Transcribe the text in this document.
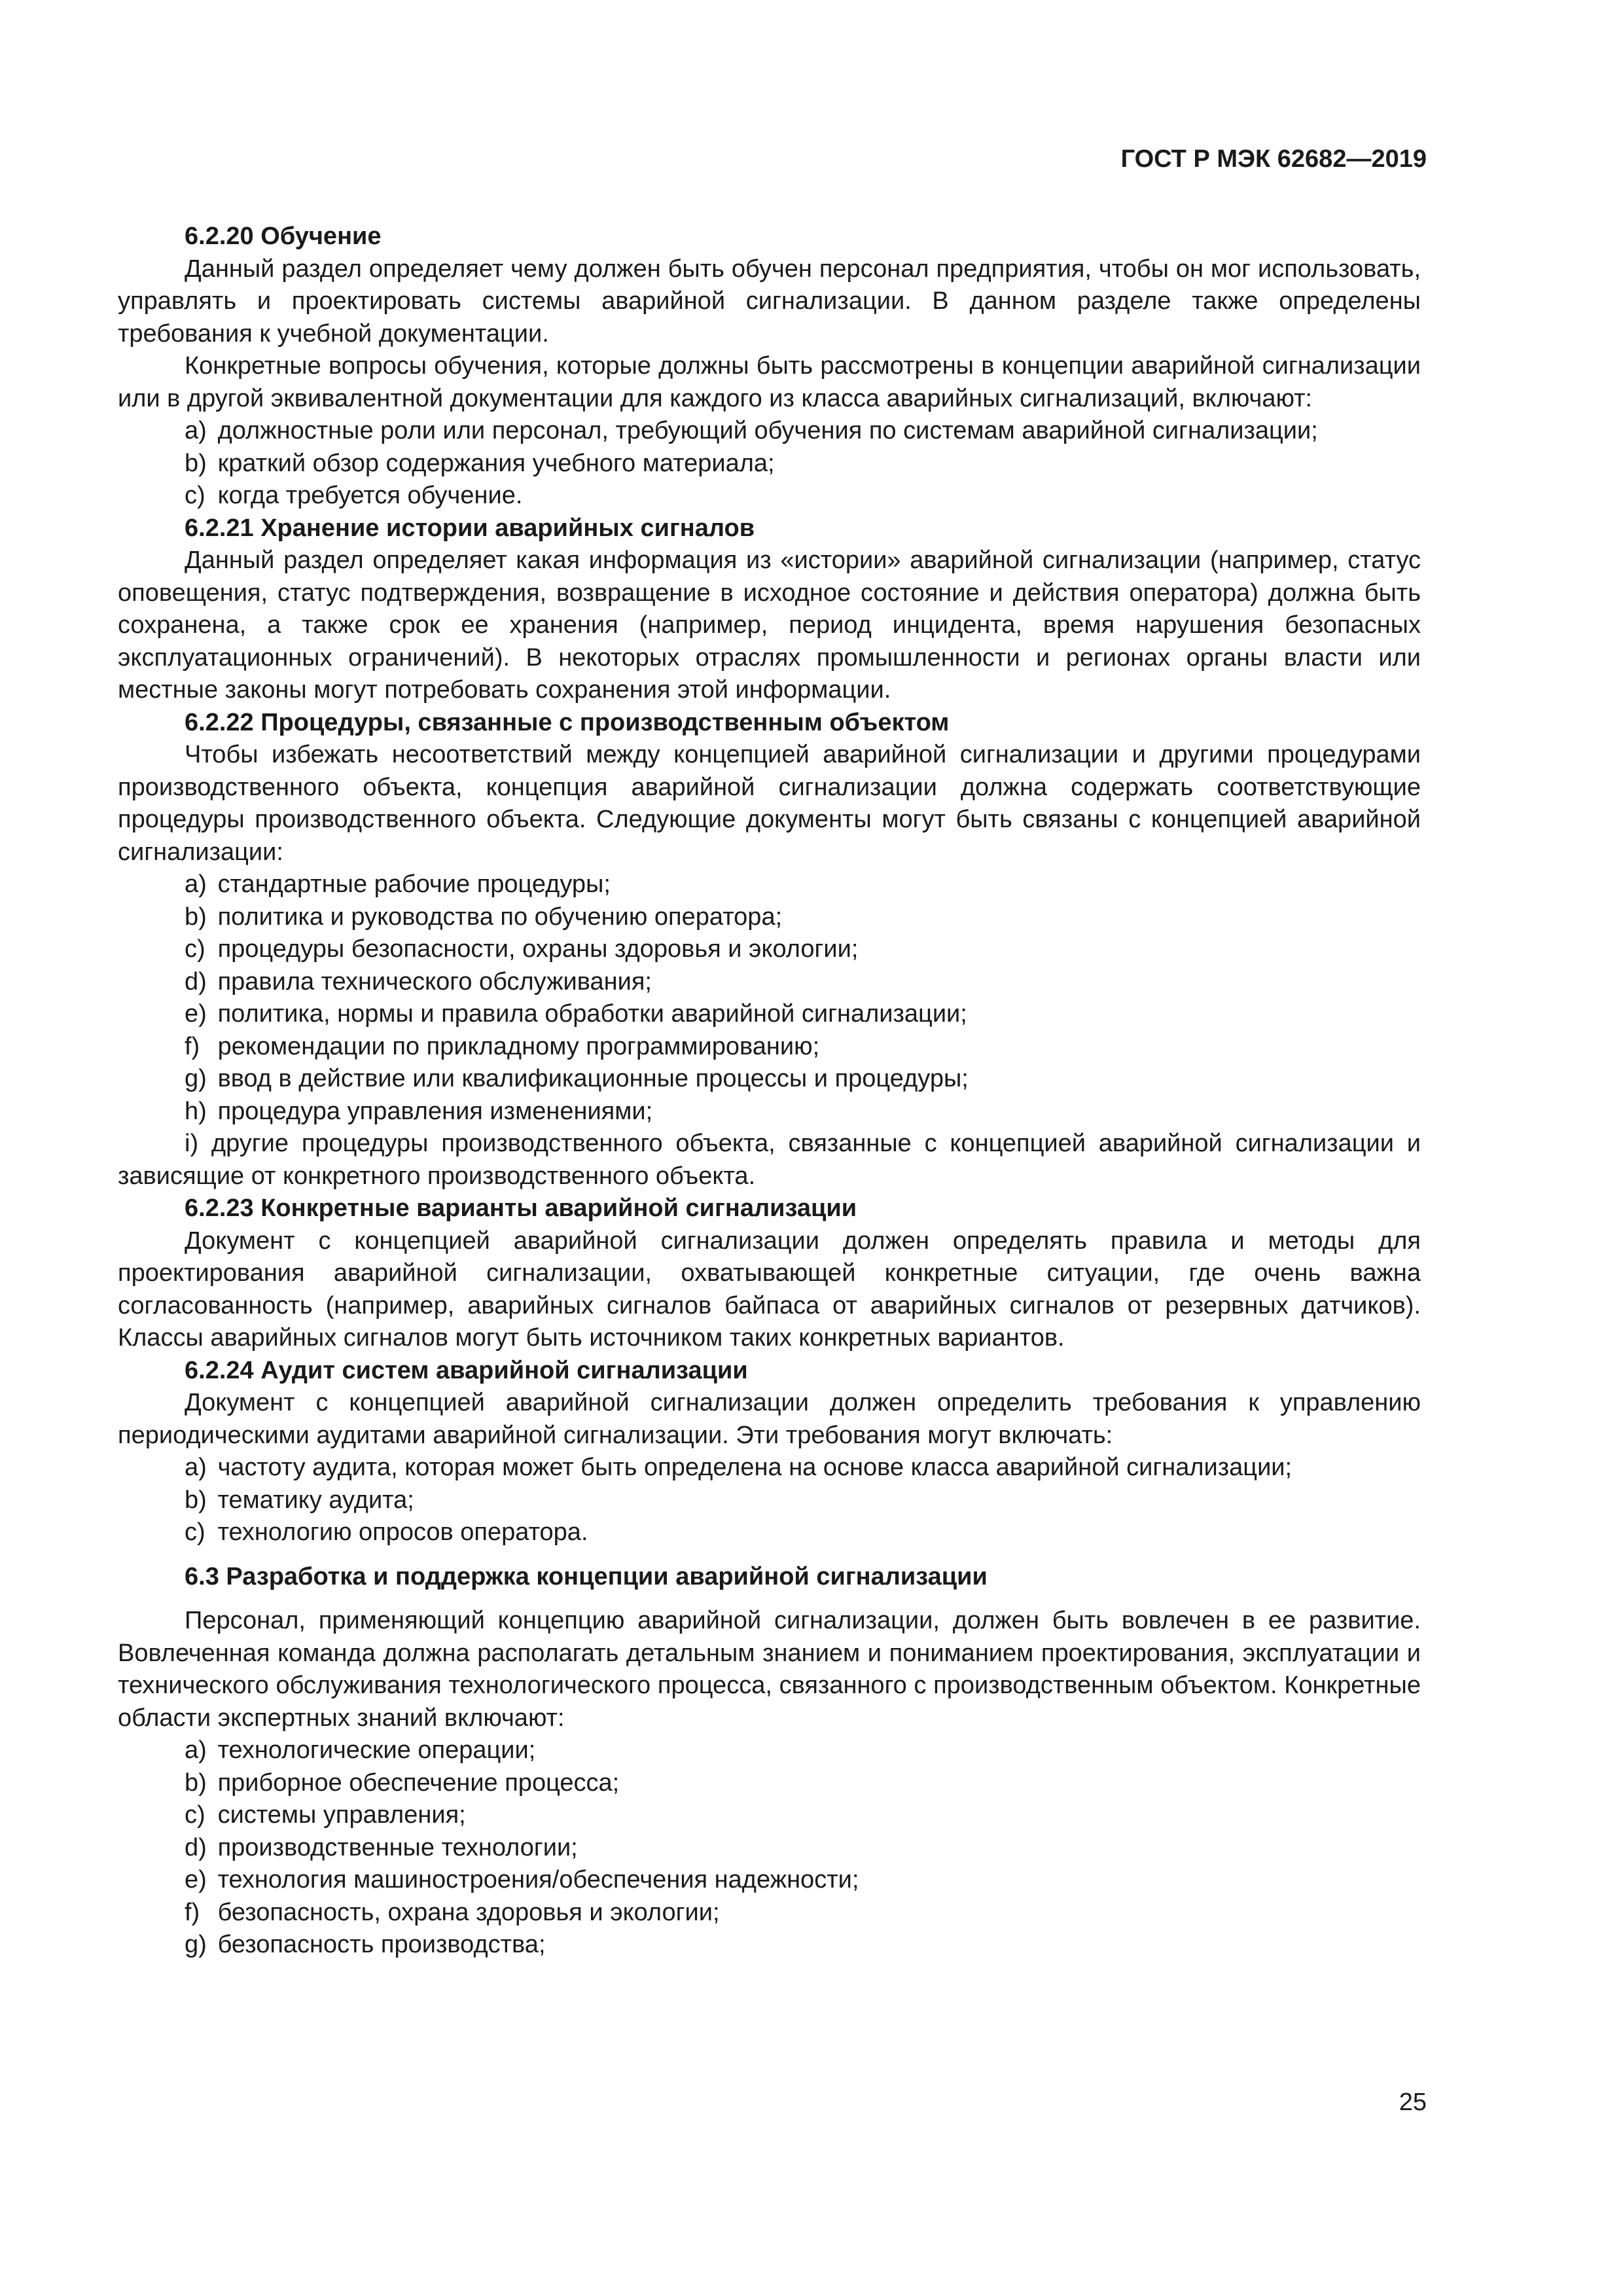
ГОСТ Р МЭК 62682—2019

6.2.20 Обучение

Данный раздел определяет чему должен быть обучен персонал предприятия, чтобы он мог использовать, управлять и проектировать системы аварийной сигнализации. В данном разделе также определены требования к учебной документации.

Конкретные вопросы обучения, которые должны быть рассмотрены в концепции аварийной сигнализации или в другой эквивалентной документации для каждого из класса аварийных сигнализаций, включают:

a) должностные роли или персонал, требующий обучения по системам аварийной сигнализации;

b) краткий обзор содержания учебного материала;

c) когда требуется обучение.

6.2.21 Хранение истории аварийных сигналов

Данный раздел определяет какая информация из «истории» аварийной сигнализации (например, статус оповещения, статус подтверждения, возвращение в исходное состояние и действия оператора) должна быть сохранена, а также срок ее хранения (например, период инцидента, время нарушения безопасных эксплуатационных ограничений). В некоторых отраслях промышленности и регионах органы власти или местные законы могут потребовать сохранения этой информации.

6.2.22 Процедуры, связанные с производственным объектом

Чтобы избежать несоответствий между концепцией аварийной сигнализации и другими процедурами производственного объекта, концепция аварийной сигнализации должна содержать соответствующие процедуры производственного объекта. Следующие документы могут быть связаны с концепцией аварийной сигнализации:

a) стандартные рабочие процедуры;

b) политика и руководства по обучению оператора;

c) процедуры безопасности, охраны здоровья и экологии;

d) правила технического обслуживания;

e) политика, нормы и правила обработки аварийной сигнализации;

f) рекомендации по прикладному программированию;

g) ввод в действие или квалификационные процессы и процедуры;

h) процедура управления изменениями;

i) другие процедуры производственного объекта, связанные с концепцией аварийной сигнализации и зависящие от конкретного производственного объекта.

6.2.23 Конкретные варианты аварийной сигнализации

Документ с концепцией аварийной сигнализации должен определять правила и методы для проектирования аварийной сигнализации, охватывающей конкретные ситуации, где очень важна согласованность (например, аварийных сигналов байпаса от аварийных сигналов от резервных датчиков). Классы аварийных сигналов могут быть источником таких конкретных вариантов.

6.2.24 Аудит систем аварийной сигнализации

Документ с концепцией аварийной сигнализации должен определить требования к управлению периодическими аудитами аварийной сигнализации. Эти требования могут включать:

a) частоту аудита, которая может быть определена на основе класса аварийной сигнализации;

b) тематику аудита;

c) технологию опросов оператора.

6.3 Разработка и поддержка концепции аварийной сигнализации

Персонал, применяющий концепцию аварийной сигнализации, должен быть вовлечен в ее развитие. Вовлеченная команда должна располагать детальным знанием и пониманием проектирования, эксплуатации и технического обслуживания технологического процесса, связанного с производственным объектом. Конкретные области экспертных знаний включают:

a) технологические операции;

b) приборное обеспечение процесса;

c) системы управления;

d) производственные технологии;

e) технология машиностроения/обеспечения надежности;

f) безопасность, охрана здоровья и экологии;

g) безопасность производства;

25
